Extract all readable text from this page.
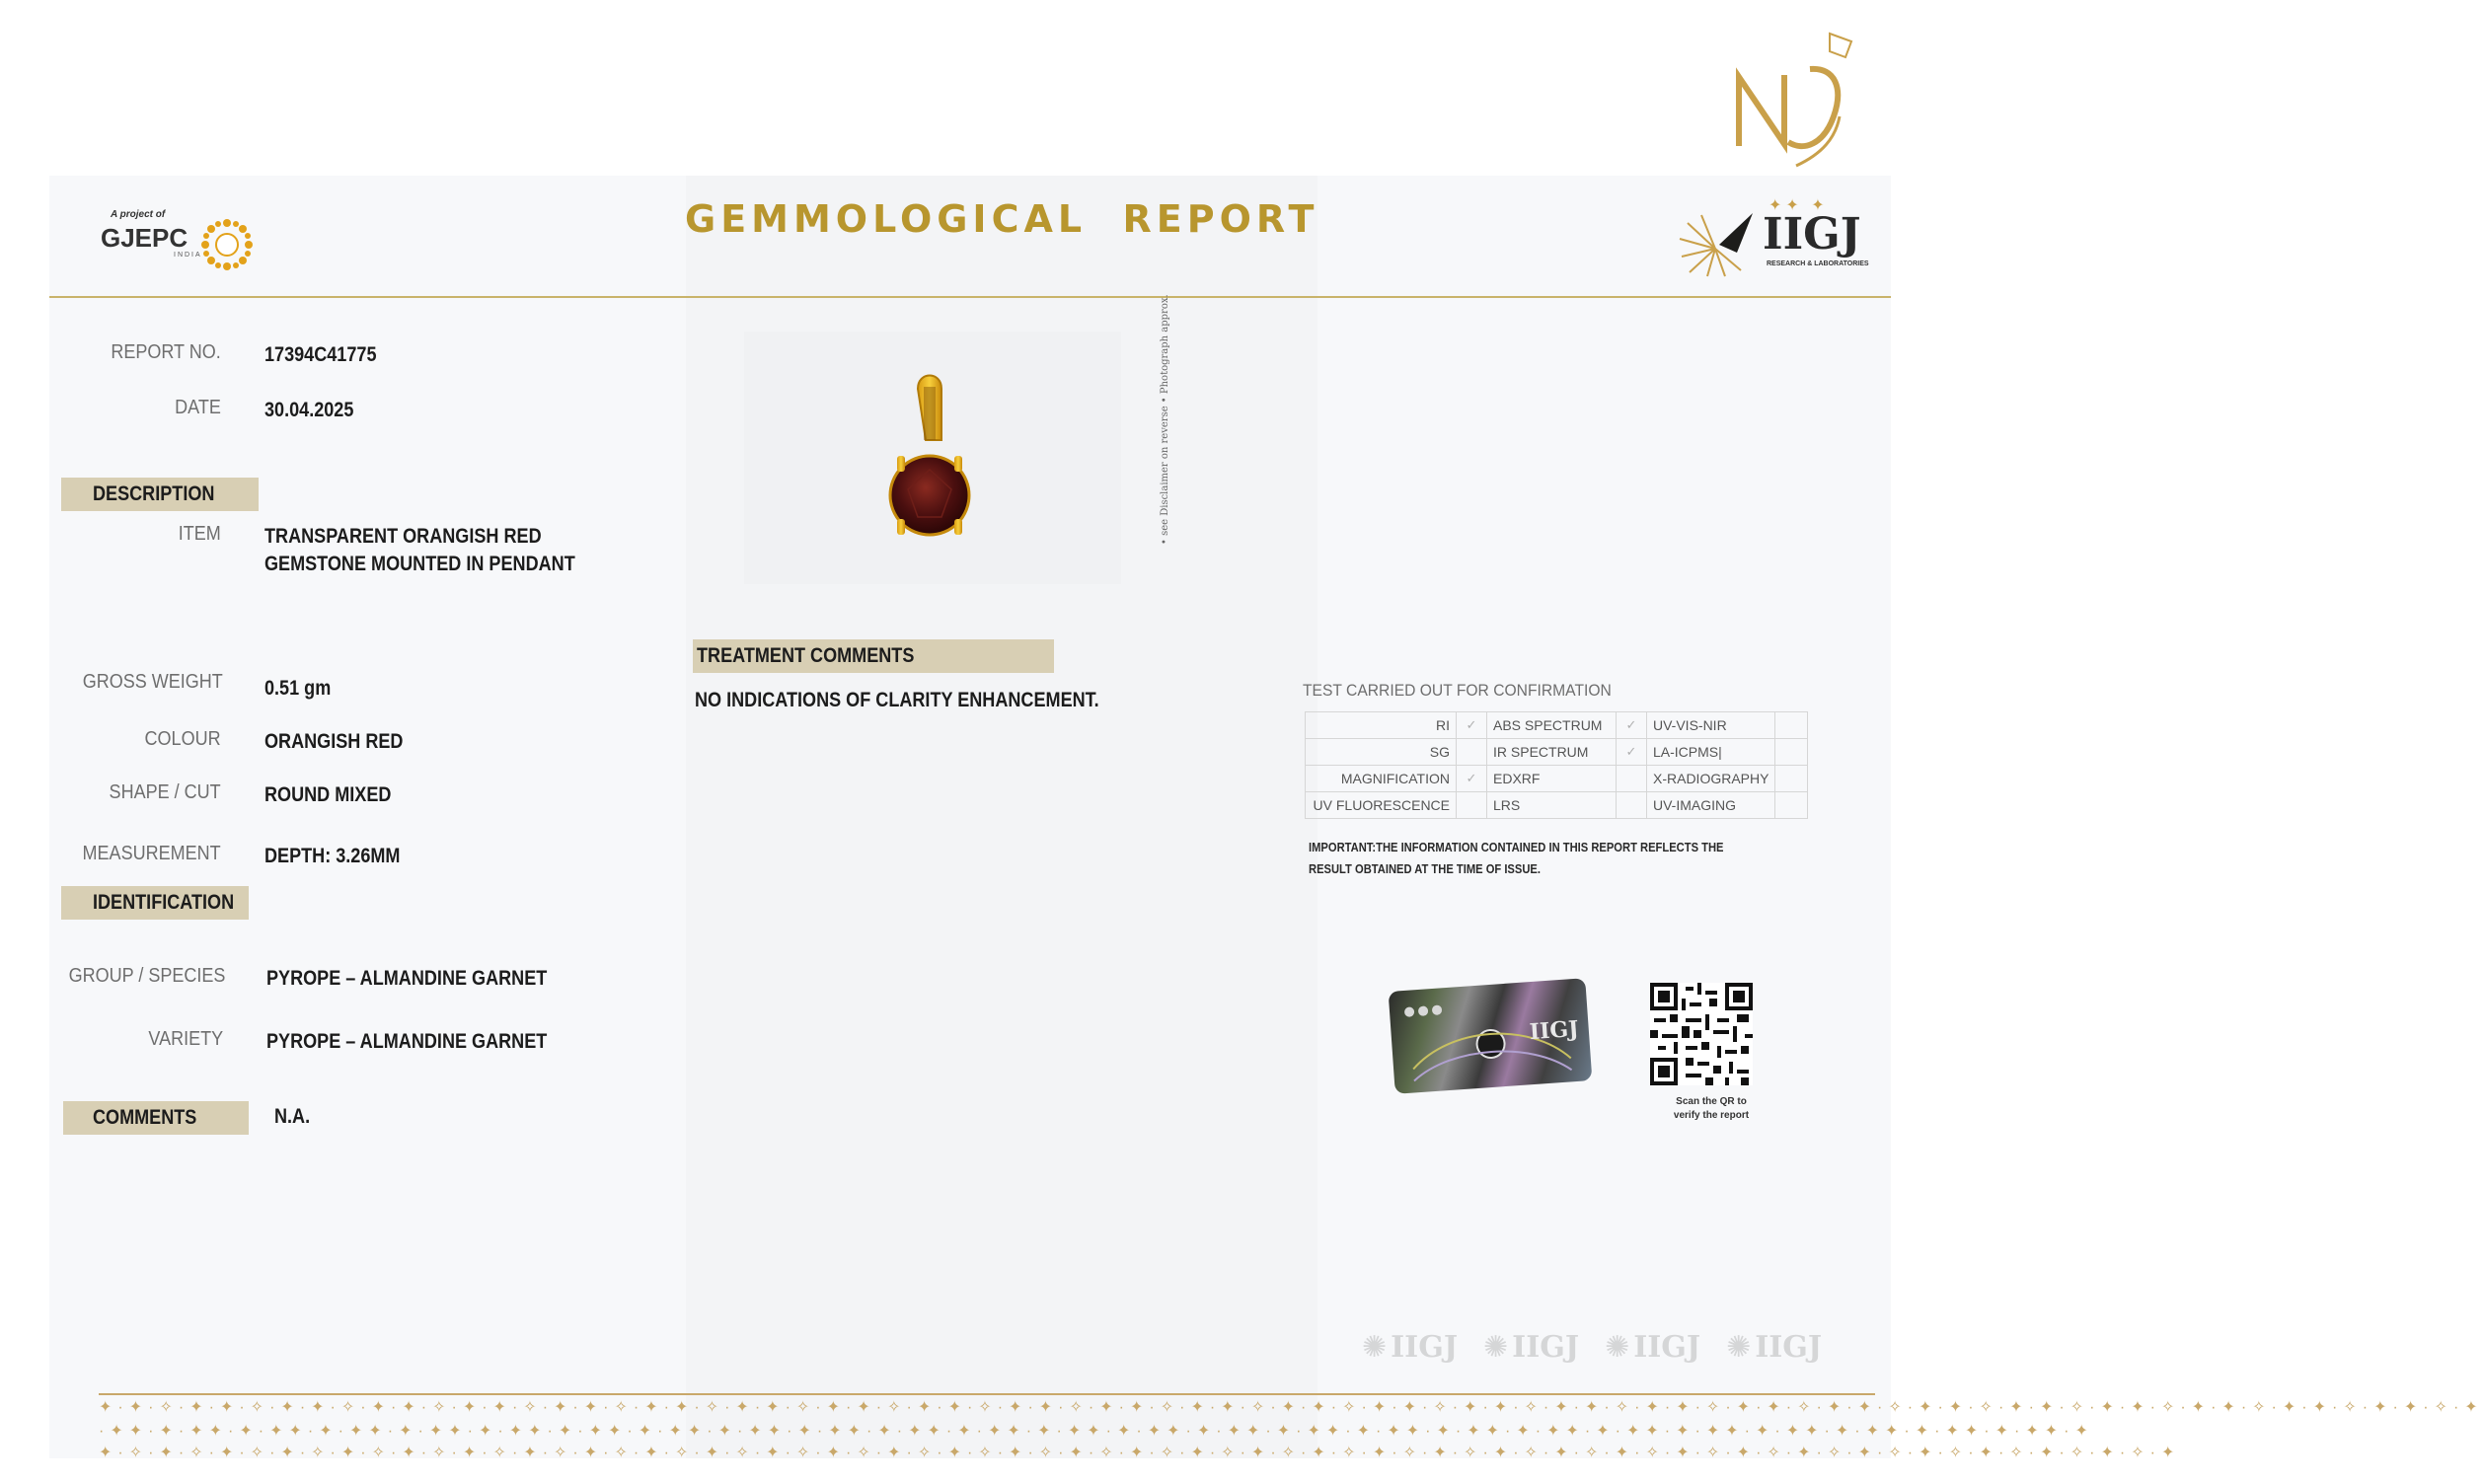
A project of
GJEPC
INDIA
GEMMOLOGICAL  REPORT	✦✦ ✦
IIGJ
RESEARCH & LABORATORIES
REPORT NO. 17394C41775
DATE 30.04.2025
DESCRIPTION
ITEM TRANSPARENT ORANGISH RED
GEMSTONE MOUNTED IN PENDANT
GROSS WEIGHT 0.51 gm
COLOUR ORANGISH RED
SHAPE / CUT ROUND MIXED
MEASUREMENT DEPTH: 3.26MM
IDENTIFICATION
GROUP / SPECIES PYROPE – ALMANDINE GARNET
VARIETY PYROPE – ALMANDINE GARNET
COMMENTS	N.A.
TREATMENT COMMENTS
NO INDICATIONS OF CLARITY ENHANCEMENT.	TEST CARRIED OUT FOR CONFIRMATION
RI	✓	ABS SPECTRUM	✓	UV-VIS-NIR	
SG		IR SPECTRUM	✓	LA-ICPMS|	
MAGNIFICATION	✓	EDXRF		X-RADIOGRAPHY	
UV FLUORESCENCE		LRS		UV-IMAGING	
IMPORTANT:THE INFORMATION CONTAINED IN THIS REPORT REFLECTS THE
RESULT OBTAINED AT THE TIME OF ISSUE.
IIGJ
Scan the QR to
verify the report
✺ IIGJ ✺ IIGJ ✺ IIGJ ✺ IIGJ
✦·✦·✧·✦·✦·✧·✦·✦·✧·✦·✦·✧·✦·✦·✧·✦·✦·✧·✦·✦·✧·✦·✦·✧·✦·✦·✧·✦·✦·✧·✦·✦·✧·✦·✦·✧·✦·✦·✧·✦·✦·✧·✦·✦·✧·✦·✦·✧·✦·✦·✧·✦·✦·✧·✦·✦·✧·✦·✦·✧·✦·✦·✧·✦·✦·✧·✦·✦·✧·✦·✦·✧·✦·✦·✧·✦·✦·✧·✦
·✦✦·✦·✦✦·✦·✦✦·✦·✦✦·✦·✦✦·✦·✦✦·✦·✦✦·✦·✦✦·✦·✦✦·✦·✦✦·✦·✦✦·✦·✦✦·✦·✦✦·✦·✦✦·✦·✦✦·✦·✦✦·✦·✦✦·✦·✦✦·✦·✦✦·✦·✦✦·✦·✦✦·✦·✦✦·✦·✦✦·✦·✦✦·✦·✦✦·✦
✦·✧·✦·✧·✦·✧·✦·✧·✦·✧·✦·✧·✦·✧·✦·✧·✦·✧·✦·✧·✦·✧·✦·✧·✦·✧·✦·✧·✦·✧·✦·✧·✦·✧·✦·✧·✦·✧·✦·✧·✦·✧·✦·✧·✦·✧·✦·✧·✦·✧·✦·✧·✦·✧·✦·✧·✦·✧·✦·✧·✦·✧·✦·✧·✦·✧·✦·✧·✦
